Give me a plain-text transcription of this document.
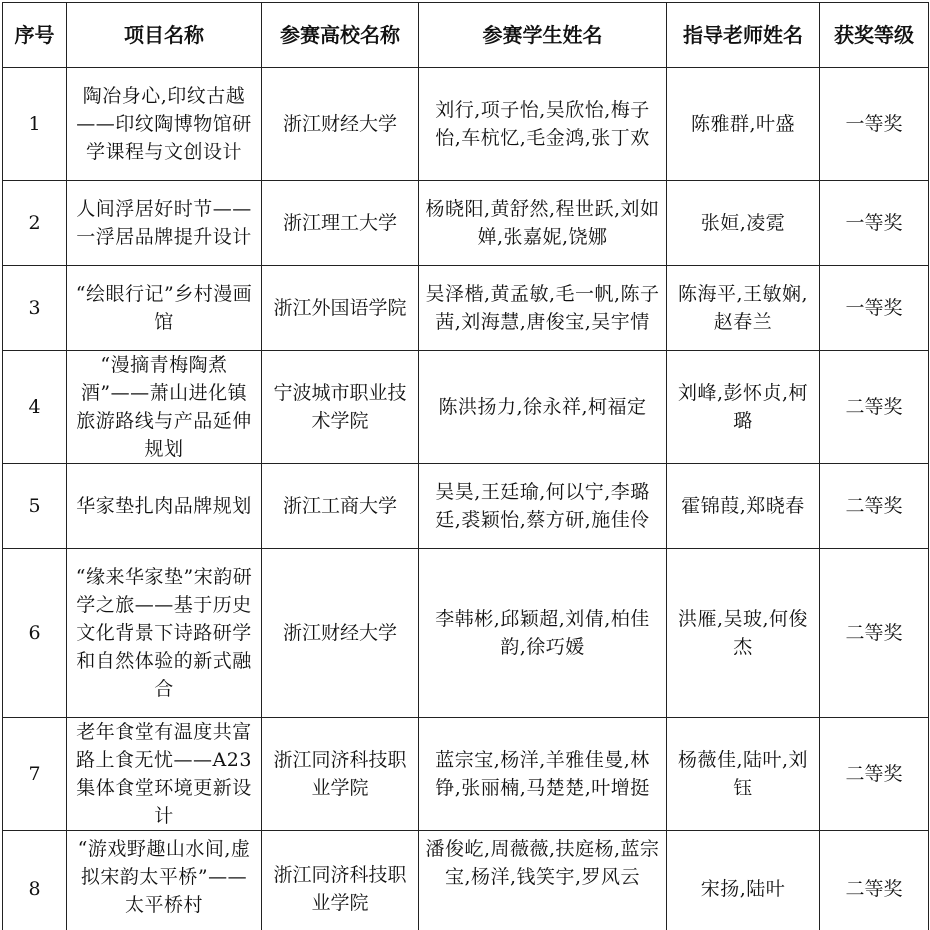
序号	项目名称	参赛高校名称	参赛学生姓名	指导老师姓名	获奖等级
1	陶冶身心,印纹古越——印纹陶博物馆研学课程与文创设计	浙江财经大学	刘行,项子怡,吴欣怡,梅子怡,车杭忆,毛金鸿,张丁欢	陈雅群,叶盛	一等奖
2	人间浮居好时节——一浮居品牌提升设计	浙江理工大学	杨晓阳,黄舒然,程世跃,刘如婵,张嘉妮,饶娜	张姮,凌霓	一等奖
3	“绘眼行记”乡村漫画馆	浙江外国语学院	吴泽楷,黄孟敏,毛一帆,陈子茜,刘海慧,唐俊宝,吴宇情	陈海平,王敏娴,赵春兰	一等奖
4	“漫摘青梅陶煮酒”——萧山进化镇旅游路线与产品延伸规划	宁波城市职业技术学院	陈洪扬力,徐永祥,柯福定	刘峰,彭怀贞,柯璐	二等奖
5	华家垫扎肉品牌规划	浙江工商大学	吴昊,王廷瑜,何以宁,李璐廷,裘颖怡,蔡方研,施佳伶	霍锦葭,郑晓春	二等奖
6	“缘来华家垫”宋韵研学之旅——基于历史文化背景下诗路研学和自然体验的新式融合	浙江财经大学	李韩彬,邱颖超,刘倩,柏佳韵,徐巧媛	洪雁,吴玻,何俊杰	二等奖
7	老年食堂有温度共富路上食无忧——A23集体食堂环境更新设计	浙江同济科技职业学院	蓝宗宝,杨洋,羊雅佳曼,林铮,张丽楠,马楚楚,叶增挺	杨薇佳,陆叶,刘钰	二等奖
8	“游戏野趣山水间,虚拟宋韵太平桥”——太平桥村	浙江同济科技职业学院	潘俊屹,周薇薇,扶庭杨,蓝宗宝,杨洋,钱笑宇,罗风云	宋扬,陆叶	二等奖
